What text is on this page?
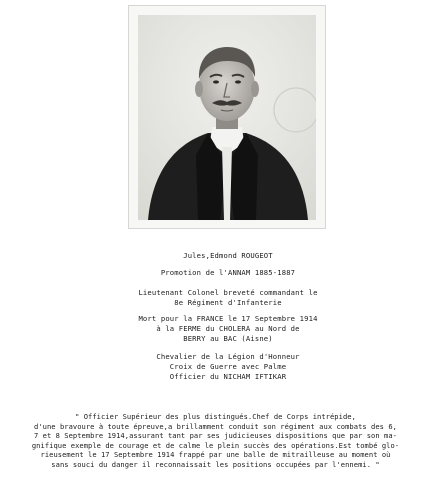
Jules,Edmond ROUGEOT
Promotion de l'ANNAM 1885-1887
Lieutenant Colonel breveté commandant le
8e Régiment d'Infanterie
Mort pour la FRANCE le 17 Septembre 1914
à la FERME du CHOLERA au Nord de
BERRY au BAC (Aisne)
Chevalier de la Légion d'Honneur
Croix de Guerre avec Palme
Officier du NICHAM IFTIKAR
" Officier Supérieur des plus distingués.Chef de Corps intrépide,
d'une bravoure à toute épreuve,a brillamment conduit son régiment aux combats des 6,
7 et 8 Septembre 1914,assurant tant par ses judicieuses dispositions que par son ma-
gnifique exemple de courage et de calme le plein succès des opérations.Est tombé glo-
rieusement le 17 Septembre 1914 frappé par une balle de mitrailleuse au moment où
sans souci du danger il reconnaissait les positions occupées par l'ennemi. "
